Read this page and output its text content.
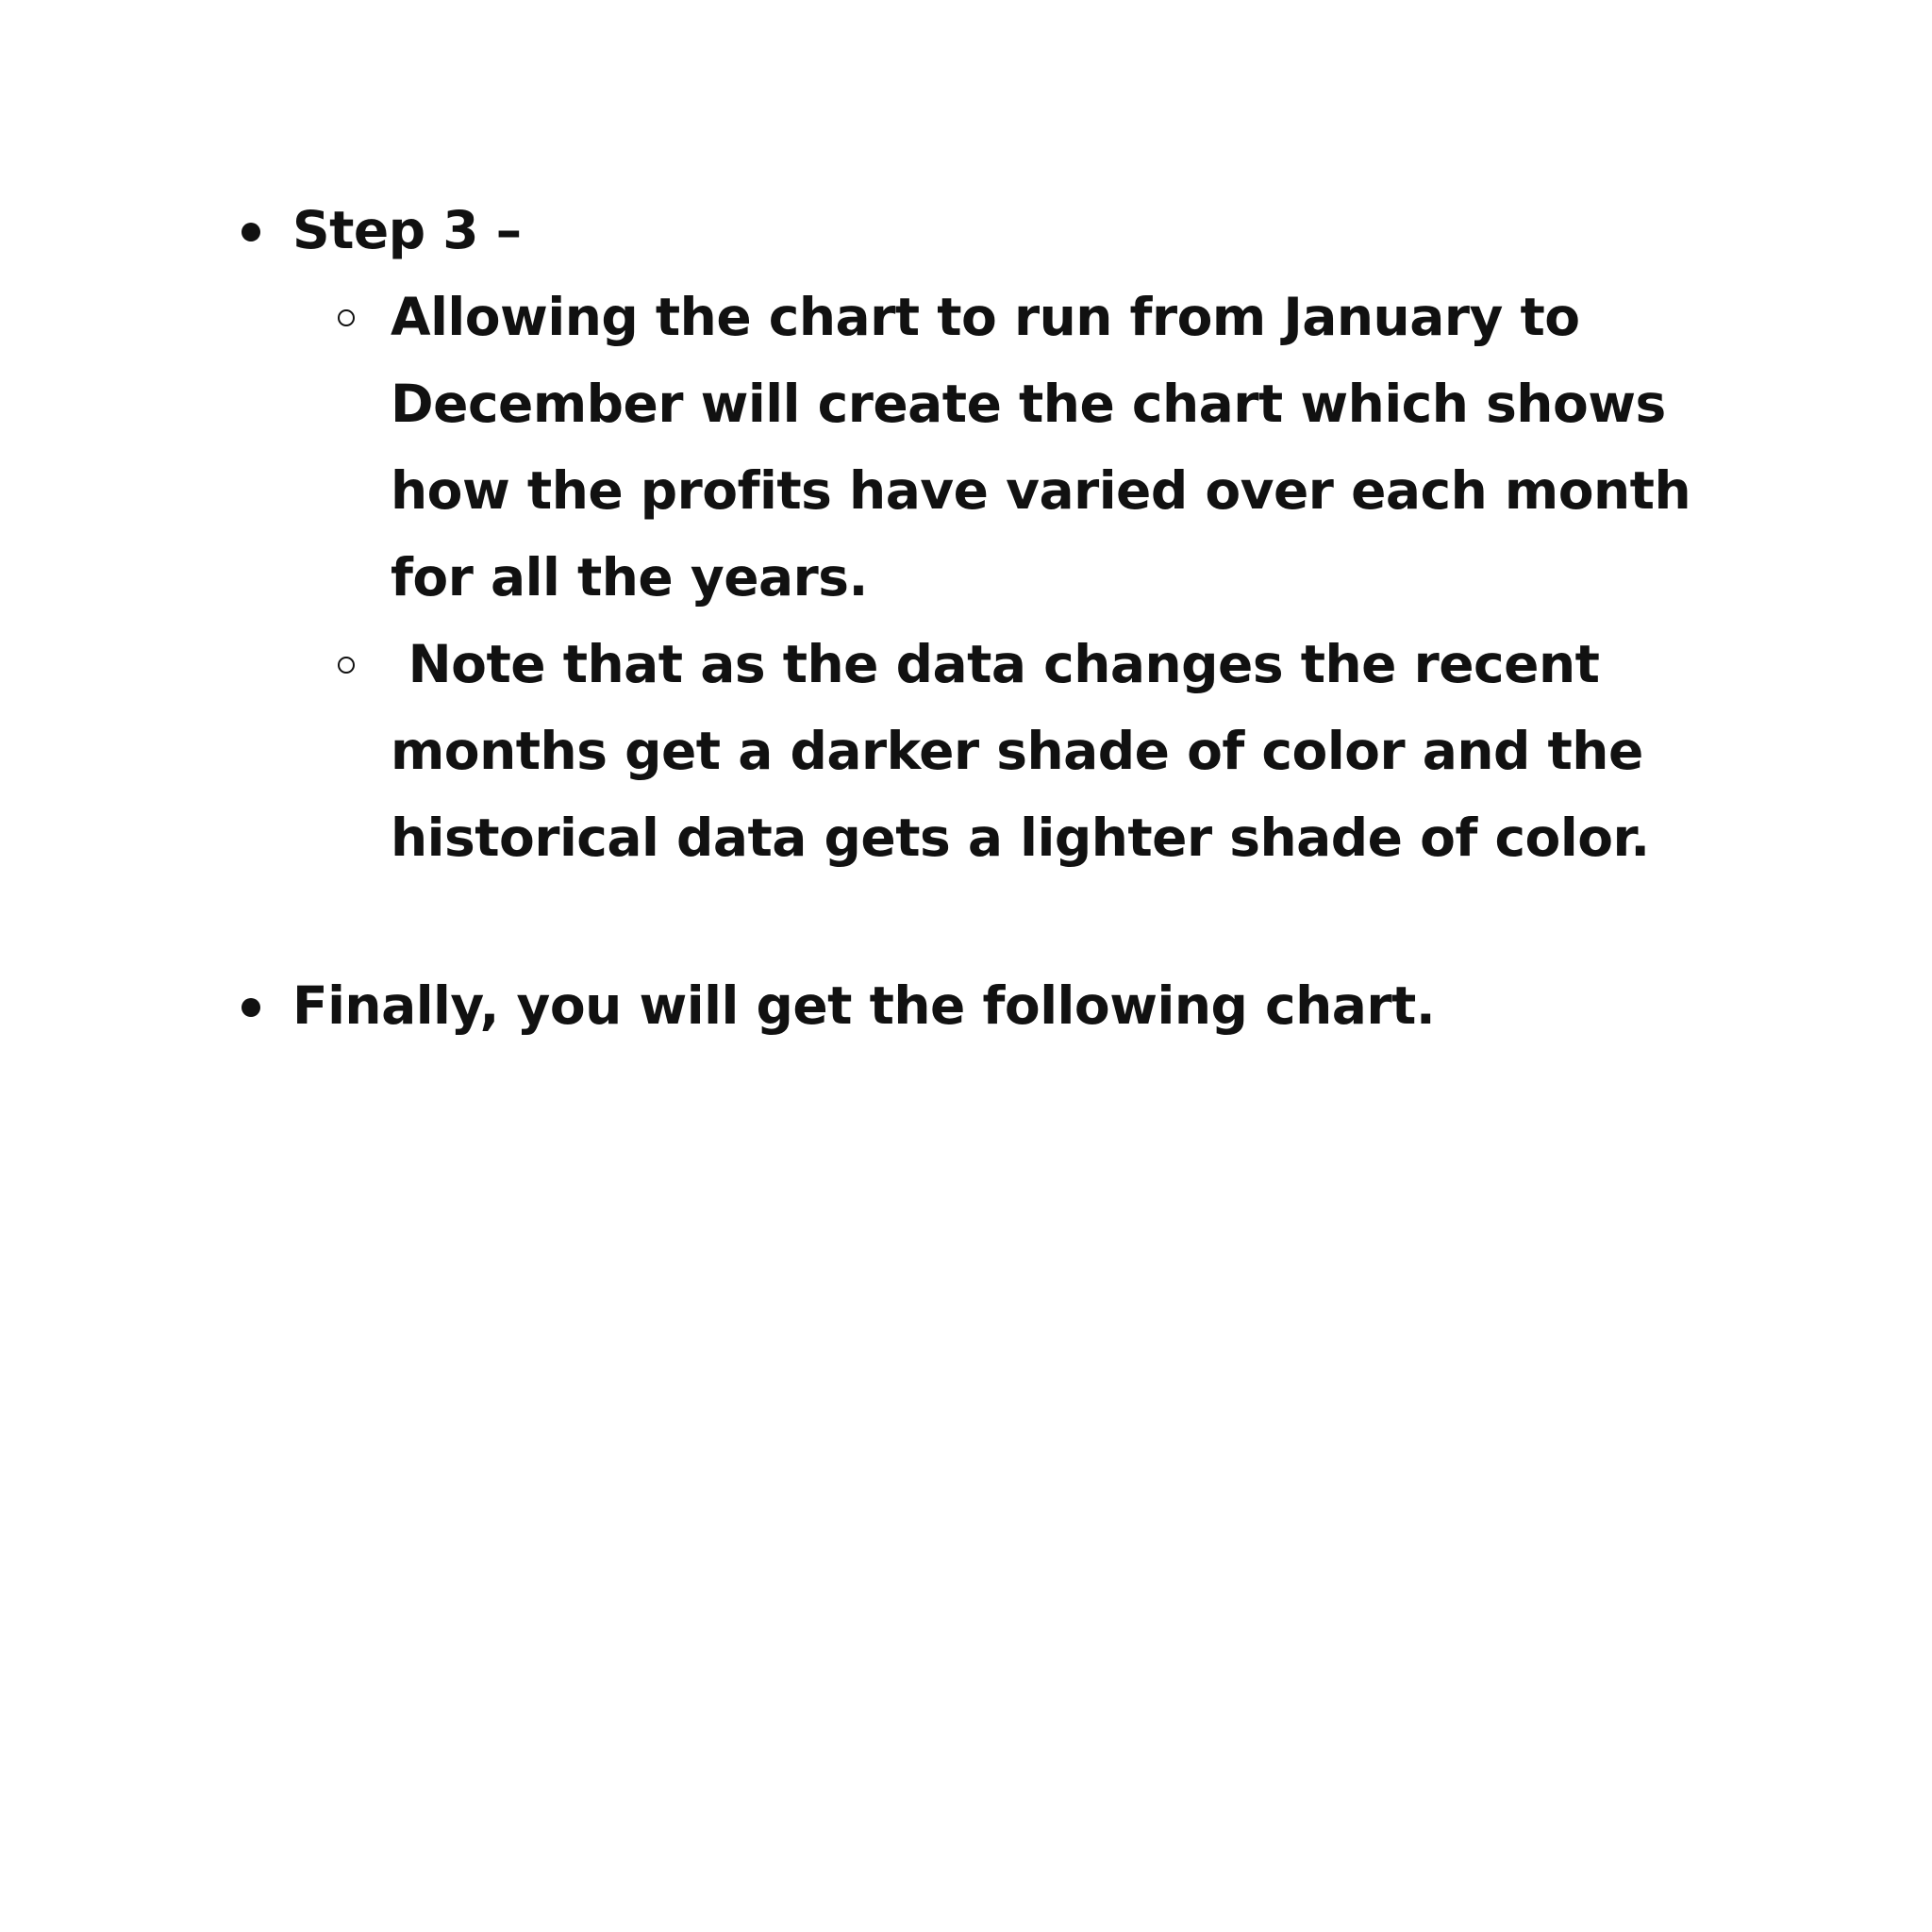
Step 3 –
Allowing the chart to run from January to
December will create the chart which shows
how the profits have varied over each month
for all the years.
Note that as the data changes the recent
months get a darker shade of color and the
historical data gets a lighter shade of color.
Finally, you will get the following chart.
